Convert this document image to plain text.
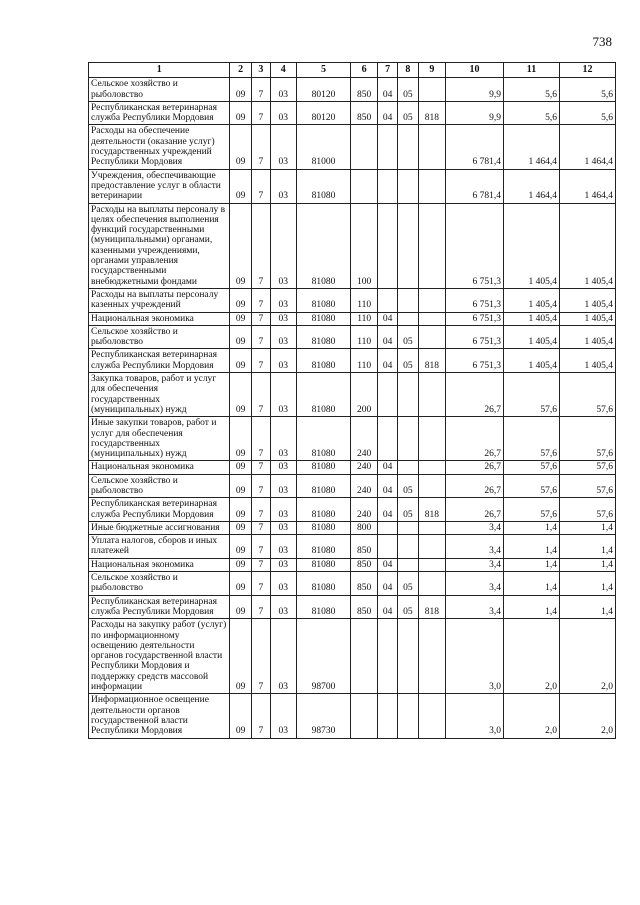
738
1	2	3	4	5	6	7	8	9	10	11	12
Сельское хозяйство и рыболовство	09	7	03	80120	850	04	05		9,9	5,6	5,6
Республиканская ветеринарная служба Республики Мордовия	09	7	03	80120	850	04	05	818	9,9	5,6	5,6
Расходы на обеспечение деятельности (оказание услуг) государственных учреждений Республики Мордовия	09	7	03	81000					6 781,4	1 464,4	1 464,4
Учреждения, обеспечивающие предоставление услуг в области ветеринарии	09	7	03	81080					6 781,4	1 464,4	1 464,4
Расходы на выплаты персоналу в целях обеспечения выполнения функций государственными (муниципальными) органами, казенными учреждениями, органами управления государственными внебюджетными фондами	09	7	03	81080	100				6 751,3	1 405,4	1 405,4
Расходы на выплаты персоналу казенных учреждений	09	7	03	81080	110				6 751,3	1 405,4	1 405,4
Национальная экономика	09	7	03	81080	110	04			6 751,3	1 405,4	1 405,4
Сельское хозяйство и рыболовство	09	7	03	81080	110	04	05		6 751,3	1 405,4	1 405,4
Республиканская ветеринарная служба Республики Мордовия	09	7	03	81080	110	04	05	818	6 751,3	1 405,4	1 405,4
Закупка товаров, работ и услуг для обеспечения государственных (муниципальных) нужд	09	7	03	81080	200				26,7	57,6	57,6
Иные закупки товаров, работ и услуг для обеспечения государственных (муниципальных) нужд	09	7	03	81080	240				26,7	57,6	57,6
Национальная экономика	09	7	03	81080	240	04			26,7	57,6	57,6
Сельское хозяйство и рыболовство	09	7	03	81080	240	04	05		26,7	57,6	57,6
Республиканская ветеринарная служба Республики Мордовия	09	7	03	81080	240	04	05	818	26,7	57,6	57,6
Иные бюджетные ассигнования	09	7	03	81080	800				3,4	1,4	1,4
Уплата налогов, сборов и иных платежей	09	7	03	81080	850				3,4	1,4	1,4
Национальная экономика	09	7	03	81080	850	04			3,4	1,4	1,4
Сельское хозяйство и рыболовство	09	7	03	81080	850	04	05		3,4	1,4	1,4
Республиканская ветеринарная служба Республики Мордовия	09	7	03	81080	850	04	05	818	3,4	1,4	1,4
Расходы на закупку работ (услуг) по информационному освещению деятельности органов государственной власти Республики Мордовия и поддержку средств массовой информации	09	7	03	98700					3,0	2,0	2,0
Информационное освещение деятельности органов государственной власти Республики Мордовия	09	7	03	98730					3,0	2,0	2,0
